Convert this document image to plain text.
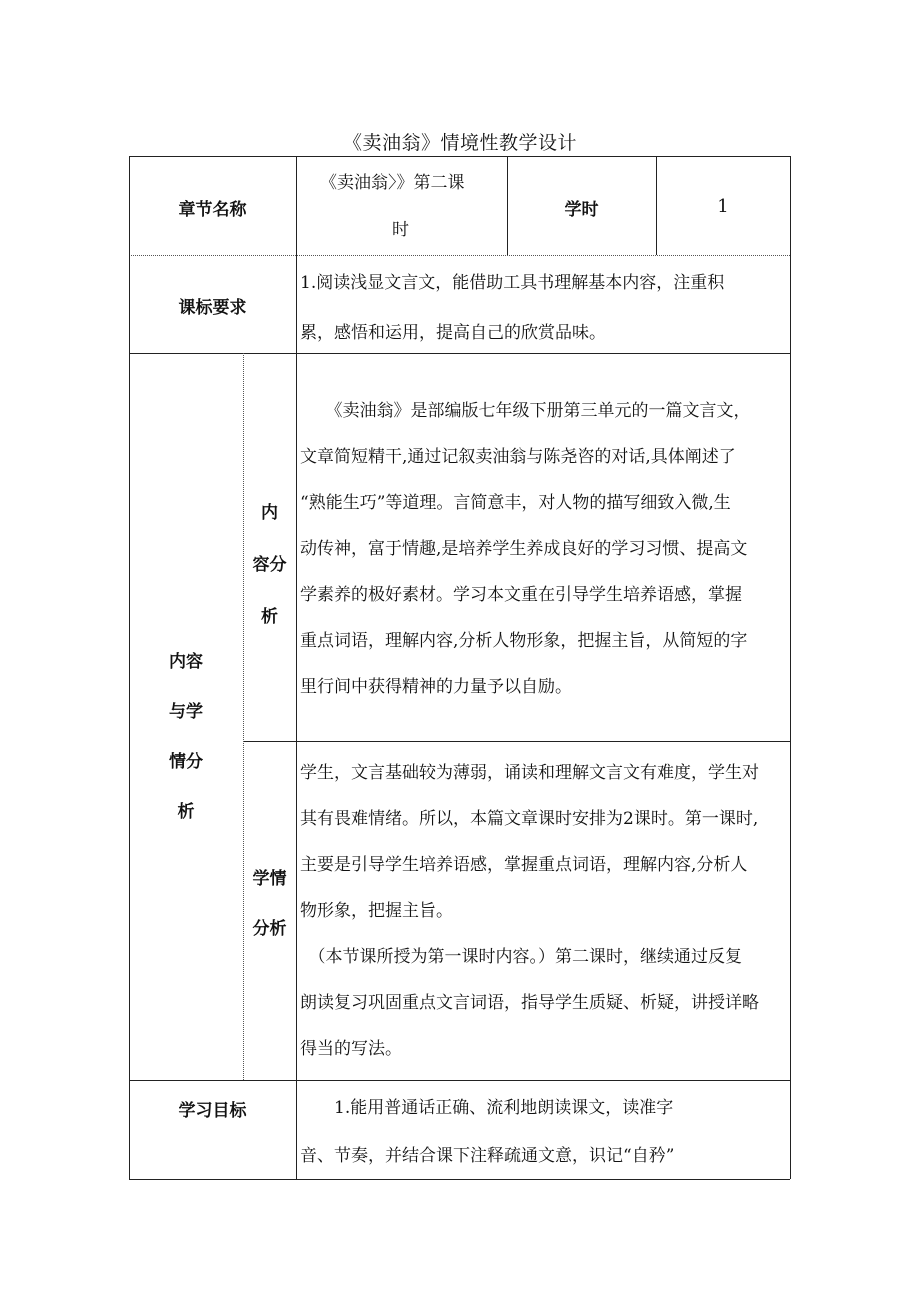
《卖油翁》情境性教学设计
章节名称
《卖油翁〉》第二课
时
学时	1
课标要求
1.阅读浅显文言文，能借助工具书理解基本内容，注重积
累，感悟和运用，提高自己的欣赏品味。
内容
与学
情分
析
内
容分
析
　　《卖油翁》是部编版七年级下册第三单元的一篇文言文，
文章简短精干,通过记叙卖油翁与陈尧咨的对话,具体阐述了
“熟能生巧”等道理。言简意丰，对人物的描写细致入微,生
动传神，富于情趣,是培养学生养成良好的学习习惯、提高文
学素养的极好素材。学习本文重在引导学生培养语感，掌握
重点词语，理解内容,分析人物形象，把握主旨，从简短的字
里行间中获得精神的力量予以自励。
学情
分析
学生，文言基础较为薄弱，诵读和理解文言文有难度，学生对
其有畏难情绪。所以，本篇文章课时安排为2课时。第一课时,
主要是引导学生培养语感，掌握重点词语，理解内容,分析人
物形象，把握主旨。
　（本节课所授为第一课时内容。）第二课时，继续通过反复
朗读复习巩固重点文言词语，指导学生质疑、析疑，讲授详略
得当的写法。
学习目标	　　1.能用普通话正确、流利地朗读课文，读准字
音、节奏，并结合课下注释疏通文意，识记“自矜”
